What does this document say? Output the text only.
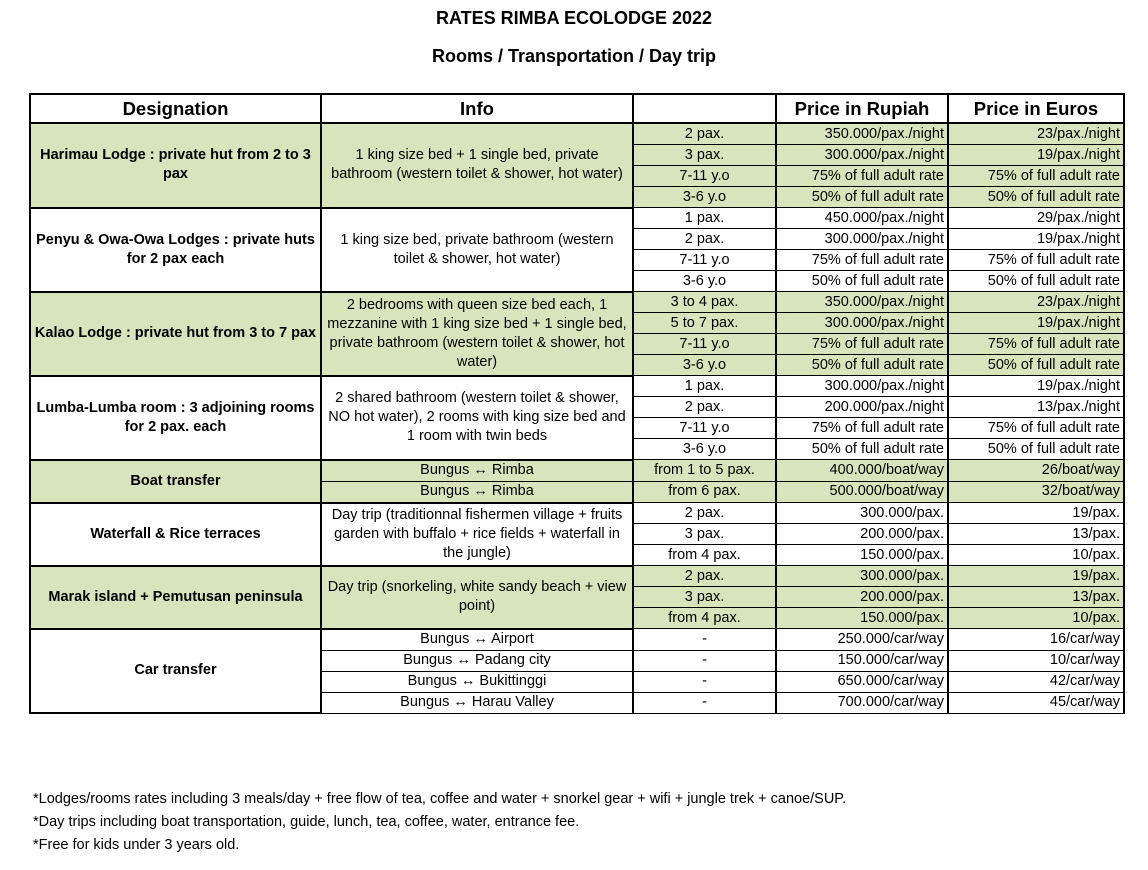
RATES RIMBA ECOLODGE 2022
Rooms / Transportation / Day trip
Designation	Info		Price in Rupiah	Price in Euros
Harimau Lodge : private hut from 2 to 3 pax	1 king size bed + 1 single bed, private bathroom (western toilet & shower, hot water)	2 pax.	350.000/pax./night	23/pax./night
		3 pax.	300.000/pax./night	19/pax./night
		7-11 y.o	75% of full adult rate	75% of full adult rate
		3-6 y.o	50% of full adult rate	50% of full adult rate
Penyu & Owa-Owa Lodges : private huts for 2 pax each	1 king size bed, private bathroom (western toilet & shower, hot water)	1 pax.	450.000/pax./night	29/pax./night
		2 pax.	300.000/pax./night	19/pax./night
		7-11 y.o	75% of full adult rate	75% of full adult rate
		3-6 y.o	50% of full adult rate	50% of full adult rate
Kalao Lodge : private hut from 3 to 7 pax	2 bedrooms with queen size bed each, 1 mezzanine with 1 king size bed + 1 single bed, private bathroom (western toilet & shower, hot water)	3 to 4 pax.	350.000/pax./night	23/pax./night
		5 to 7 pax.	300.000/pax./night	19/pax./night
		7-11 y.o	75% of full adult rate	75% of full adult rate
		3-6 y.o	50% of full adult rate	50% of full adult rate
Lumba-Lumba room : 3 adjoining rooms for 2 pax. each	2 shared bathroom (western toilet & shower, NO hot water), 2 rooms with king size bed and 1 room with twin beds	1 pax.	300.000/pax./night	19/pax./night
		2 pax.	200.000/pax./night	13/pax./night
		7-11 y.o	75% of full adult rate	75% of full adult rate
		3-6 y.o	50% of full adult rate	50% of full adult rate
Boat transfer	Bungus ↔ Rimba	from 1 to 5 pax.	400.000/boat/way	26/boat/way
	Bungus ↔ Rimba	from 6 pax.	500.000/boat/way	32/boat/way
Waterfall & Rice terraces	Day trip (traditionnal fishermen village + fruits garden with buffalo + rice fields + waterfall in the jungle)	2 pax.	300.000/pax.	19/pax.
		3 pax.	200.000/pax.	13/pax.
		from 4 pax.	150.000/pax.	10/pax.
Marak island + Pemutusan peninsula	Day trip (snorkeling, white sandy beach + view point)	2 pax.	300.000/pax.	19/pax.
		3 pax.	200.000/pax.	13/pax.
		from 4 pax.	150.000/pax.	10/pax.
Car transfer	Bungus ↔ Airport	-	250.000/car/way	16/car/way
	Bungus ↔ Padang city	-	150.000/car/way	10/car/way
	Bungus ↔ Bukittinggi	-	650.000/car/way	42/car/way
	Bungus ↔ Harau Valley	-	700.000/car/way	45/car/way
*Lodges/rooms rates including 3 meals/day + free flow of tea, coffee and water + snorkel gear + wifi + jungle trek + canoe/SUP.
*Day trips including boat transportation, guide, lunch, tea, coffee, water, entrance fee.
*Free for kids under 3 years old.
